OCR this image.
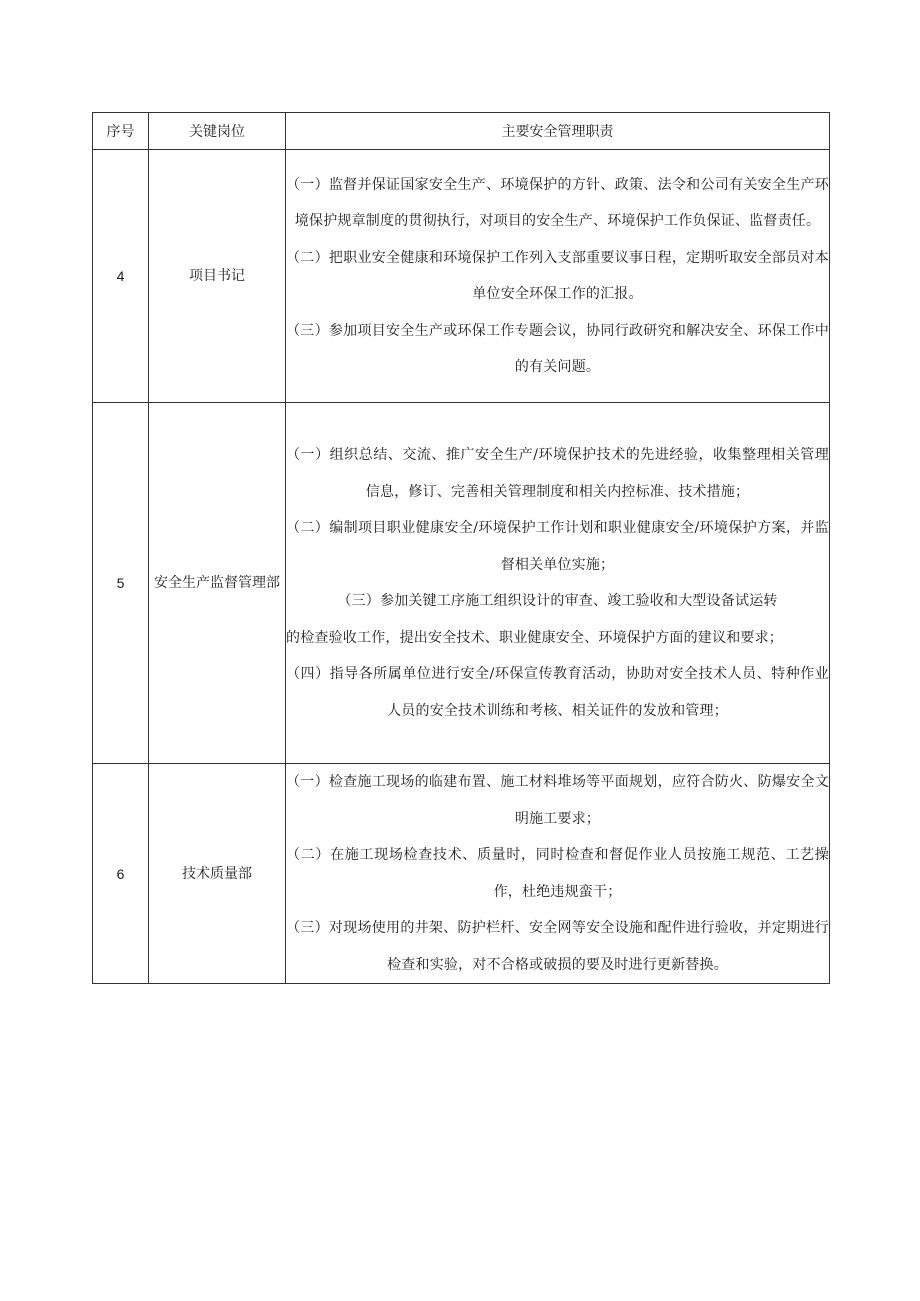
序号	关键岗位	主要安全管理职责
4	项目书记	（一）监督并保证国家安全生产、环境保护的方针、政策、法令和公司有关安全生产环境保护规章制度的贯彻执行，对项目的安全生产、环境保护工作负保证、监督责任。
（二）把职业安全健康和环境保护工作列入支部重要议事日程，定期听取安全部员对本单位安全环保工作的汇报。
（三）参加项目安全生产或环保工作专题会议，协同行政研究和解决安全、环保工作中的有关问题。

5	安全生产监督管理部	（一）组织总结、交流、推广安全生产/环境保护技术的先进经验，收集整理相关管理信息，修订、完善相关管理制度和相关内控标准、技术措施；
（二）编制项目职业健康安全/环境保护工作计划和职业健康安全/环境保护方案，并监督相关单位实施；
（三）参加关键工序施工组织设计的审查、竣工验收和大型设备试运转
的检查验收工作，提出安全技术、职业健康安全、环境保护方面的建议和要求；
（四）指导各所属单位进行安全/环保宣传教育活动，协助对安全技术人员、特种作业人员的安全技术训练和考核、相关证件的发放和管理；

6	技术质量部	（一）检查施工现场的临建布置、施工材料堆场等平面规划，应符合防火、防爆安全文明施工要求；
（二）在施工现场检查技术、质量时，同时检查和督促作业人员按施工规范、工艺操作，杜绝违规蛮干；
（三）对现场使用的井架、防护栏杆、安全网等安全设施和配件进行验收，并定期进行检查和实验，对不合格或破损的要及时进行更新替换。
